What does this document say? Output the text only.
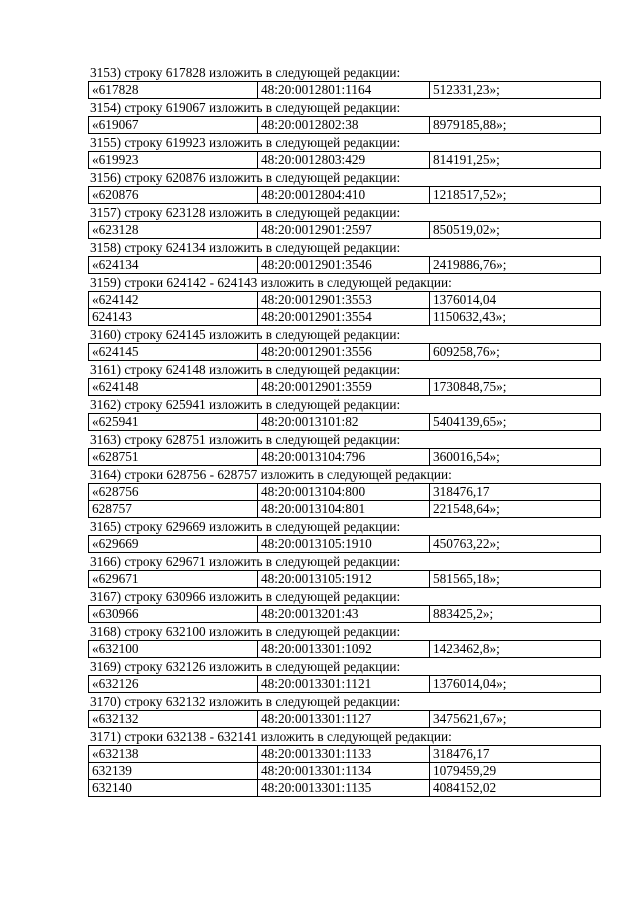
3153) строку 617828 изложить в следующей редакции:
«617828	48:20:0012801:1164	512331,23»;
3154) строку 619067 изложить в следующей редакции:
«619067	48:20:0012802:38	8979185,88»;
3155) строку 619923 изложить в следующей редакции:
«619923	48:20:0012803:429	814191,25»;
3156) строку 620876 изложить в следующей редакции:
«620876	48:20:0012804:410	1218517,52»;
3157) строку 623128 изложить в следующей редакции:
«623128	48:20:0012901:2597	850519,02»;
3158) строку 624134 изложить в следующей редакции:
«624134	48:20:0012901:3546	2419886,76»;
3159) строки 624142 - 624143 изложить в следующей редакции:
«624142	48:20:0012901:3553	1376014,04
624143	48:20:0012901:3554	1150632,43»;
3160) строку 624145 изложить в следующей редакции:
«624145	48:20:0012901:3556	609258,76»;
3161) строку 624148 изложить в следующей редакции:
«624148	48:20:0012901:3559	1730848,75»;
3162) строку 625941 изложить в следующей редакции:
«625941	48:20:0013101:82	5404139,65»;
3163) строку 628751 изложить в следующей редакции:
«628751	48:20:0013104:796	360016,54»;
3164) строки 628756 - 628757 изложить в следующей редакции:
«628756	48:20:0013104:800	318476,17
628757	48:20:0013104:801	221548,64»;
3165) строку 629669 изложить в следующей редакции:
«629669	48:20:0013105:1910	450763,22»;
3166) строку 629671 изложить в следующей редакции:
«629671	48:20:0013105:1912	581565,18»;
3167) строку 630966 изложить в следующей редакции:
«630966	48:20:0013201:43	883425,2»;
3168) строку 632100 изложить в следующей редакции:
«632100	48:20:0013301:1092	1423462,8»;
3169) строку 632126 изложить в следующей редакции:
«632126	48:20:0013301:1121	1376014,04»;
3170) строку 632132 изложить в следующей редакции:
«632132	48:20:0013301:1127	3475621,67»;
3171) строки 632138 - 632141 изложить в следующей редакции:
«632138	48:20:0013301:1133	318476,17
632139	48:20:0013301:1134	1079459,29
632140	48:20:0013301:1135	4084152,02
